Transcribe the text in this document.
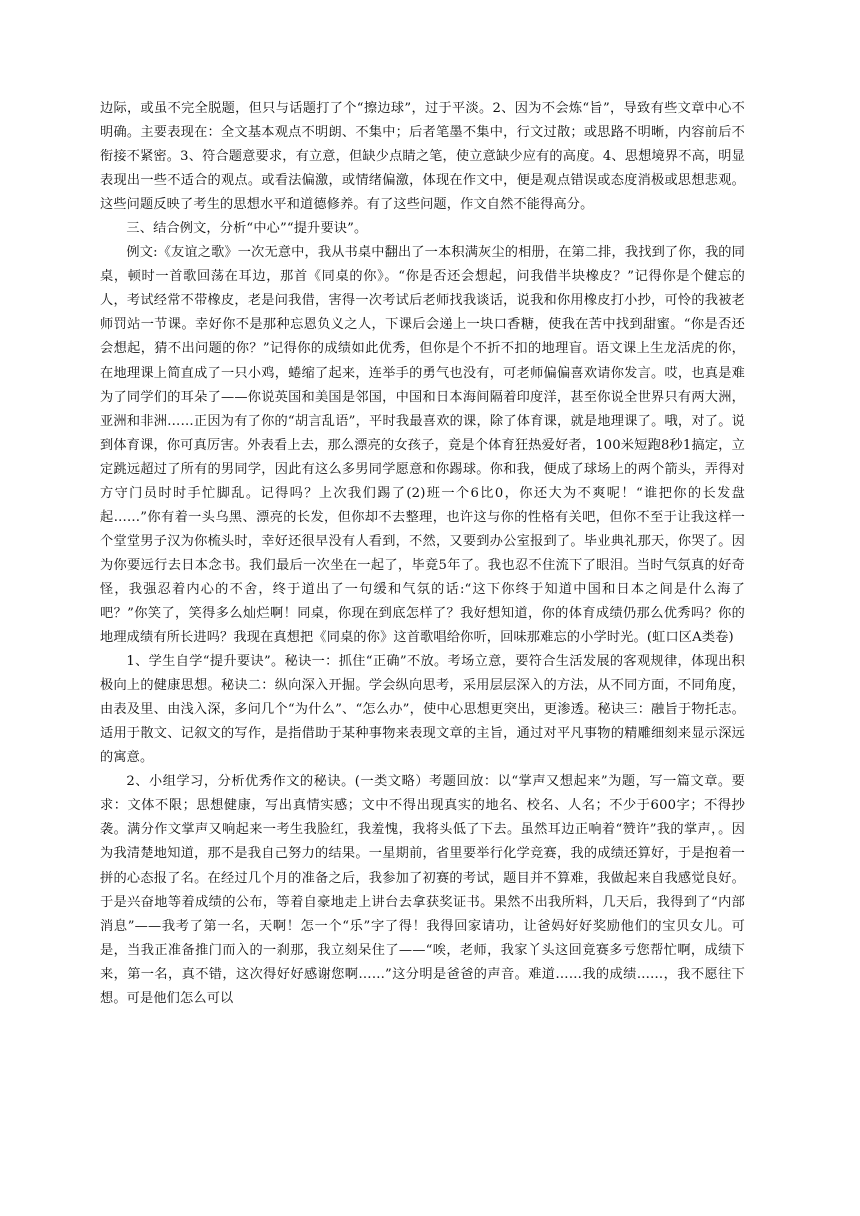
边际，或虽不完全脱题，但只与话题打了个“擦边球”，过于平淡。2、因为不会炼“旨”，导致有些文章中心不明确。主要表现在：全文基本观点不明朗、不集中；后者笔墨不集中，行文过散；或思路不明晰，内容前后不衔接不紧密。3、符合题意要求，有立意，但缺少点睛之笔，使立意缺少应有的高度。4、思想境界不高，明显表现出一些不适合的观点。或看法偏激，或情绪偏激，体现在作文中，便是观点错误或态度消极或思想悲观。这些问题反映了考生的思想水平和道德修养。有了这些问题，作文自然不能得高分。

三、结合例文，分析“中心”“提升要诀”。

例文:《友谊之歌》一次无意中，我从书桌中翻出了一本积满灰尘的相册，在第二排，我找到了你，我的同桌，顿时一首歌回荡在耳边，那首《同桌的你》。“你是否还会想起，问我借半块橡皮？”记得你是个健忘的人，考试经常不带橡皮，老是问我借，害得一次考试后老师找我谈话，说我和你用橡皮打小抄，可怜的我被老师罚站一节课。幸好你不是那种忘恩负义之人，下课后会递上一块口香糖，使我在苦中找到甜蜜。“你是否还会想起，猜不出问题的你？”记得你的成绩如此优秀，但你是个不折不扣的地理盲。语文课上生龙活虎的你，在地理课上简直成了一只小鸡，蜷缩了起来，连举手的勇气也没有，可老师偏偏喜欢请你发言。哎，也真是难为了同学们的耳朵了——你说英国和美国是邻国，中国和日本海间隔着印度洋，甚至你说全世界只有两大洲，亚洲和非洲……正因为有了你的“胡言乱语”，平时我最喜欢的课，除了体育课，就是地理课了。哦，对了。说到体育课，你可真厉害。外表看上去，那么漂亮的女孩子，竟是个体育狂热爱好者，100米短跑8秒1搞定，立定跳远超过了所有的男同学，因此有这么多男同学愿意和你踢球。你和我，便成了球场上的两个箭头，弄得对方守门员时时手忙脚乱。记得吗？上次我们踢了(2)班一个6比0，你还大为不爽呢！“谁把你的长发盘起……”你有着一头乌黑、漂亮的长发，但你却不去整理，也许这与你的性格有关吧，但你不至于让我这样一个堂堂男子汉为你梳头时，幸好还很早没有人看到，不然，又要到办公室报到了。毕业典礼那天，你哭了。因为你要远行去日本念书。我们最后一次坐在一起了，毕竟5年了。我也忍不住流下了眼泪。当时气氛真的好奇怪，我强忍着内心的不舍，终于道出了一句缓和气氛的话:“这下你终于知道中国和日本之间是什么海了吧？”你笑了，笑得多么灿烂啊！同桌，你现在到底怎样了？我好想知道，你的体育成绩仍那么优秀吗？你的地理成绩有所长进吗？我现在真想把《同桌的你》这首歌唱给你听，回味那难忘的小学时光。(虹口区A类卷)

1、学生自学“提升要诀”。秘诀一：抓住“正确”不放。考场立意，要符合生活发展的客观规律，体现出积极向上的健康思想。秘诀二：纵向深入开掘。学会纵向思考，采用层层深入的方法，从不同方面，不同角度，由表及里、由浅入深，多问几个“为什么”、“怎么办”，使中心思想更突出，更渗透。秘诀三：融旨于物托志。适用于散文、记叙文的写作，是指借助于某种事物来表现文章的主旨，通过对平凡事物的精雕细刻来显示深远的寓意。

2、小组学习，分析优秀作文的秘诀。(一类文略）考题回放：以“掌声又想起来”为题，写一篇文章。要求：文体不限；思想健康，写出真情实感；文中不得出现真实的地名、校名、人名；不少于600字；不得抄袭。满分作文掌声又响起来一考生我脸红，我羞愧，我将头低了下去。虽然耳边正响着“赞许”我的掌声，。因为我清楚地知道，那不是我自己努力的结果。一星期前，省里要举行化学竞赛，我的成绩还算好，于是抱着一拼的心态报了名。在经过几个月的准备之后，我参加了初赛的考试，题目并不算难，我做起来自我感觉良好。于是兴奋地等着成绩的公布，等着自豪地走上讲台去拿获奖证书。果然不出我所料，几天后，我得到了“内部消息”——我考了第一名，天啊！怎一个“乐”字了得！我得回家请功，让爸妈好好奖励他们的宝贝女儿。可是，当我正准备推门而入的一刹那，我立刻呆住了——“唉，老师，我家丫头这回竟赛多亏您帮忙啊，成绩下来，第一名，真不错，这次得好好感谢您啊……”这分明是爸爸的声音。难道……我的成绩……，我不愿往下想。可是他们怎么可以
